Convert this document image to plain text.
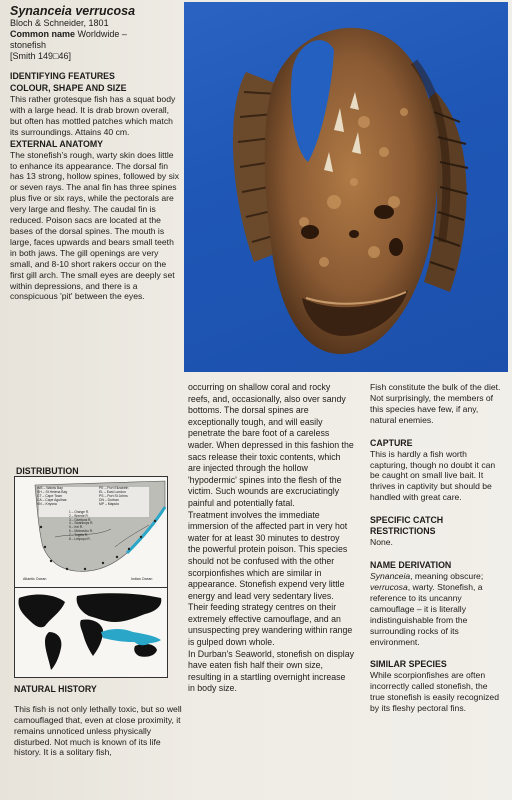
Synanceia verrucosa

Bloch & Schneider, 1801

Common name Worldwide –

stonefish

[Smith 149□46]

IDENTIFYING FEATURES

COLOUR, SHAPE AND SIZE

This rather grotesque fish has a squat body with a large head. It is drab brown overall, but often has mottled patches which match its surroundings. Attains 40 cm.

EXTERNAL ANATOMY

The stonefish's rough, warty skin does little to enhance its appearance. The dorsal fin has 13 strong, hollow spines, followed by six or seven rays. The anal fin has three spines plus five or six rays, while the pectorals are very large and fleshy. The caudal fin is reduced. Poison sacs are located at the bases of the dorsal spines. The mouth is large, faces upwards and bears small teeth in both jaws. The gill openings are very small, and 8-10 short rakers occur on the first gill arch. The small eyes are deeply set within depressions, and there is a conspicuous 'pit' between the eyes.

DISTRIBUTION

WB – Walvis Bay
SH – St Helena Bay
CT – Cape Town
CA – Cape Agulhas
KN – Knysna
PE – Port Elizabeth
EL – East London
PS – Port St Johns
DN – Durban
MP – Maputo
1 – Orange R.
2 – Breede R.
3 – Gamtoos R.
4 – Swartkops R.
5 – Kei R.
6 – Mzimvubu R.
7 – Tugela R.
8 – Limpopo R.
Atlantic Ocean	Indian Ocean

NATURAL HISTORY

This fish is not only lethally toxic, but so well camouflaged that, even at close proximity, it remains unnoticed unless physically disturbed. Not much is known of its life history. It is a solitary fish,

occurring on shallow coral and rocky reefs, and, occasionally, also over sandy bottoms. The dorsal spines are exceptionally tough, and will easily penetrate the bare foot of a careless wader. When depressed in this fashion the sacs release their toxic contents, which are injected through the hollow 'hypodermic' spines into the flesh of the victim. Such wounds are excruciatingly painful and potentially fatal.

Treatment involves the immediate immersion of the affected part in very hot water for at least 30 minutes to destroy the powerful protein poison. This species should not be confused with the other scorpionfishes which are similar in appearance. Stonefish expend very little energy and lead very sedentary lives. Their feeding strategy centres on their extremely effective camouflage, and an unsuspecting prey wandering within range is gulped down whole.

In Durban's Seaworld, stonefish on display have eaten fish half their own size, resulting in a startling overnight increase in body size.

Fish constitute the bulk of the diet. Not surprisingly, the members of this species have few, if any, natural enemies.

CAPTURE

This is hardly a fish worth capturing, though no doubt it can be caught on small live bait. It thrives in captivity but should be handled with great care.

SPECIFIC CATCH RESTRICTIONS

None.

NAME DERIVATION

Synanceia, meaning obscure; verrucosa, warty. Stonefish, a reference to its uncanny camouflage – it is literally indistinguishable from the surrounding rocks of its environment.

SIMILAR SPECIES

While scorpionfishes are often incorrectly called stonefish, the true stonefish is easily recognized by its fleshy pectoral fins.
